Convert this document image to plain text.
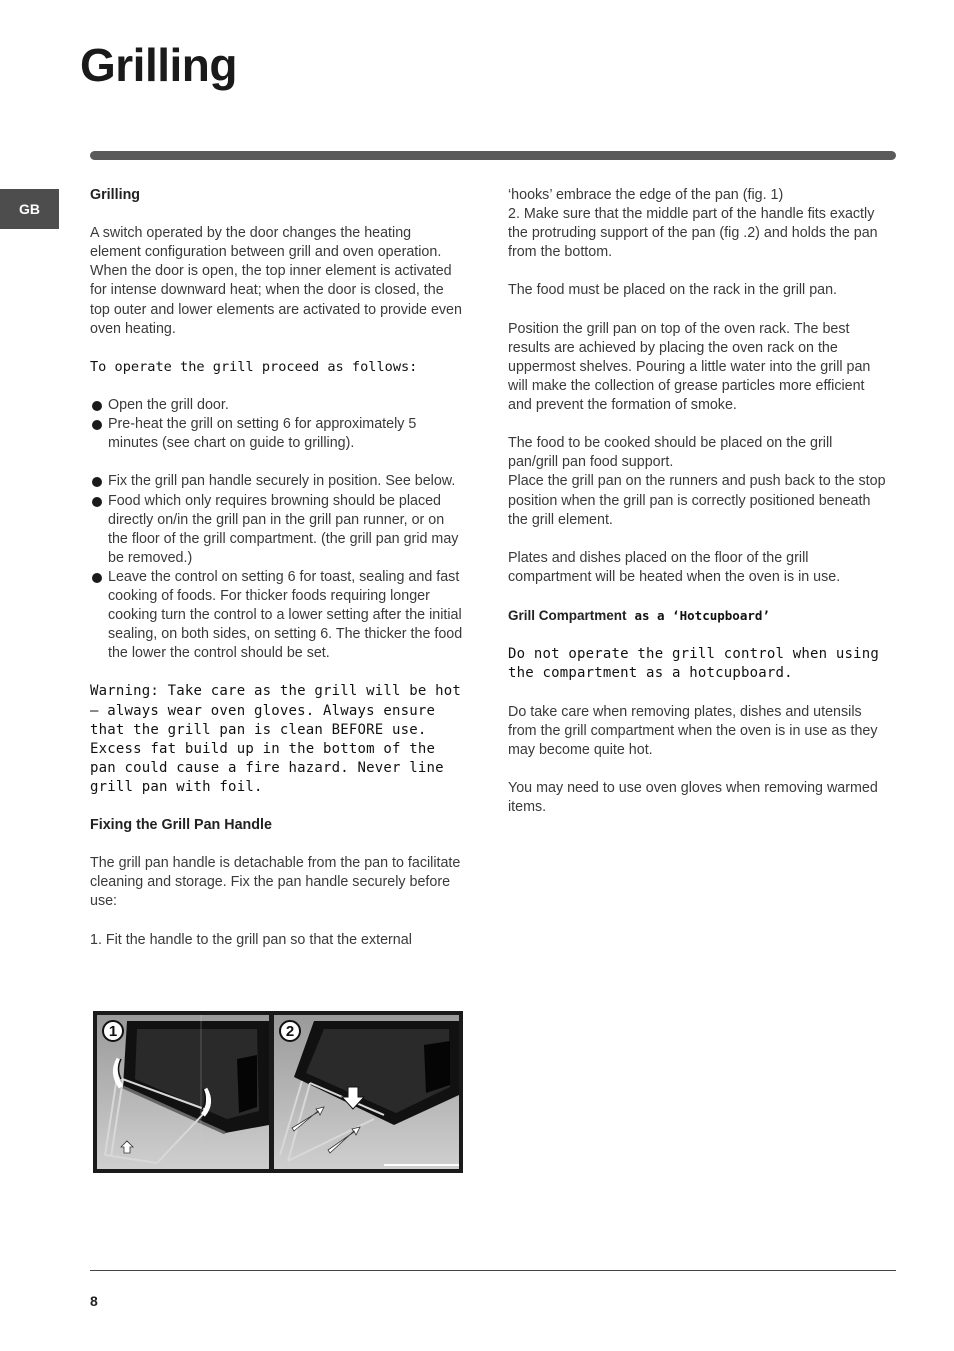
Grilling
GB

Grilling

A switch operated by the door changes the heating element configuration between grill and oven operation. When the door is open, the top inner element is activated for intense downward heat; when the door is closed, the top outer and lower elements are activated to provide even oven heating.

To operate the grill proceed as follows:

Open the grill door.
Pre-heat the grill on setting 6 for approximately 5 minutes (see chart on guide to grilling).
Fix the grill pan handle securely in position. See below.
Food which only requires browning should be placed directly on/in the grill pan in the grill pan runner, or on the floor of the grill compartment. (the grill pan grid may be removed.)
Leave the control on setting 6 for toast, sealing and fast cooking of foods. For thicker foods requiring longer cooking turn the control to a lower setting after the initial sealing, on both sides, on setting 6. The thicker the food the lower the control should be set.

Warning: Take care as the grill will be hot – always wear oven gloves. Always ensure that the grill pan is clean BEFORE use. Excess fat build up in the bottom of the pan could cause a fire hazard. Never line grill pan with foil.

Fixing the Grill Pan Handle

The grill pan handle is detachable from the pan to facilitate cleaning and storage. Fix the pan handle securely before use:

1. Fit the handle to the grill pan so that the external

‘hooks’ embrace the edge of the pan (fig. 1)

2. Make sure that the middle part of the handle fits exactly the protruding support of the pan (fig .2) and holds the pan from the bottom.

The food must be placed on the rack in the grill pan.

Position the grill pan on top of the oven rack. The best results are achieved by placing the oven rack on the uppermost shelves. Pouring a little water into the grill pan will make the collection of grease particles more efficient and prevent the formation of smoke.

The food to be cooked should be placed on the grill pan/grill pan food support.

Place the grill pan on the runners and push back to the stop position when the grill pan is correctly positioned beneath the grill element.

Plates and dishes placed on the floor of the grill compartment will be heated when the oven is in use.

Grill Compartment as a ‘Hotcupboard’

Do not operate the grill control when using the compartment as a hotcupboard.

Do take care when removing plates, dishes and utensils from the grill compartment when the oven is in use as they may become quite hot.

You may need to use oven gloves when removing warmed items.

1	2
8
